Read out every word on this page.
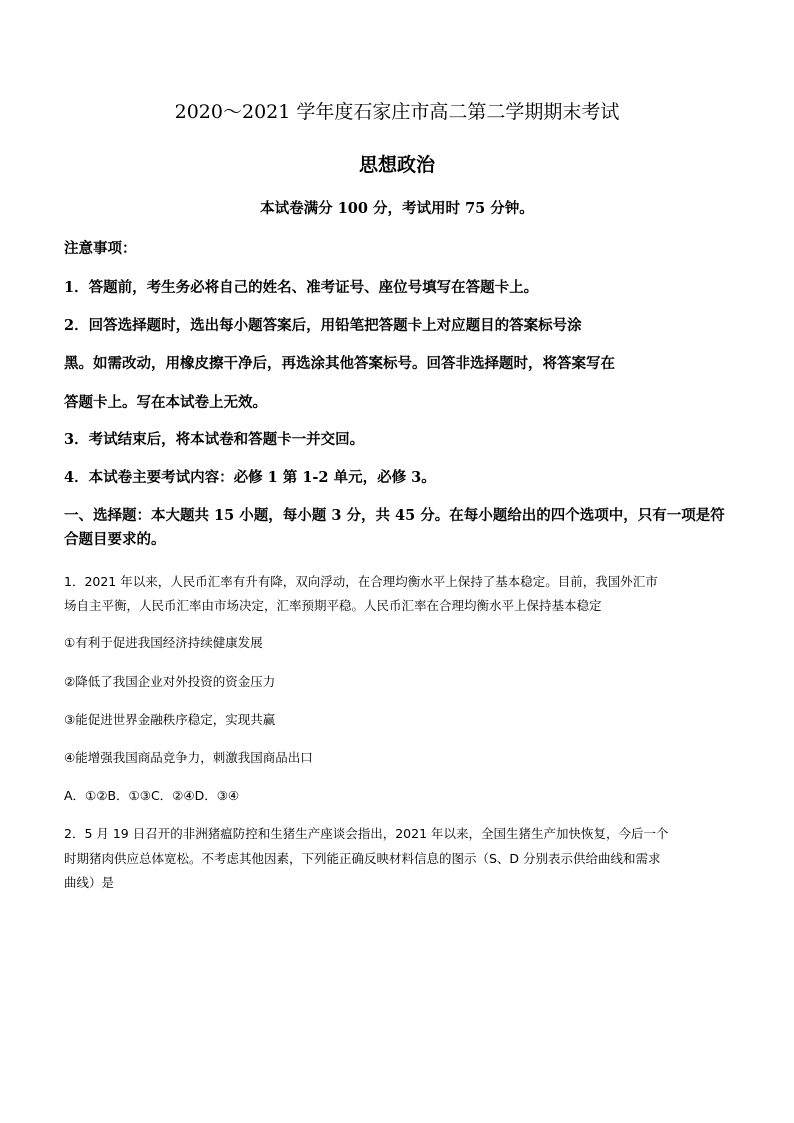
2020～2021 学年度石家庄市高二第二学期期末考试
思想政治
本试卷满分 100 分，考试用时 75 分钟。
注意事项：
1．答题前，考生务必将自己的姓名、准考证号、座位号填写在答题卡上。
2．回答选择题时，选出每小题答案后，用铅笔把答题卡上对应题目的答案标号涂
黑。如需改动，用橡皮擦干净后，再选涂其他答案标号。回答非选择题时，将答案写在
答题卡上。写在本试卷上无效。
3．考试结束后，将本试卷和答题卡一并交回。
4．本试卷主要考试内容：必修 1 第 1-2 单元，必修 3。
一、选择题：本大题共 15 小题，每小题 3 分，共 45 分。在每小题给出的四个选项中，只有一项是符合题目要求的。
1．2021 年以来，人民币汇率有升有降，双向浮动，在合理均衡水平上保持了基本稳定。目前，我国外汇市
场自主平衡，人民币汇率由市场决定，汇率预期平稳。人民币汇率在合理均衡水平上保持基本稳定
①有利于促进我国经济持续健康发展
②降低了我国企业对外投资的资金压力
③能促进世界金融秩序稳定，实现共赢
④能增强我国商品竞争力，刺激我国商品出口
A．①②B．①③C．②④D．③④
2．5 月 19 日召开的非洲猪瘟防控和生猪生产座谈会指出，2021 年以来，全国生猪生产加快恢复，今后一个
时期猪肉供应总体宽松。不考虑其他因素，下列能正确反映材料信息的图示（S、D 分别表示供给曲线和需求
曲线）是
